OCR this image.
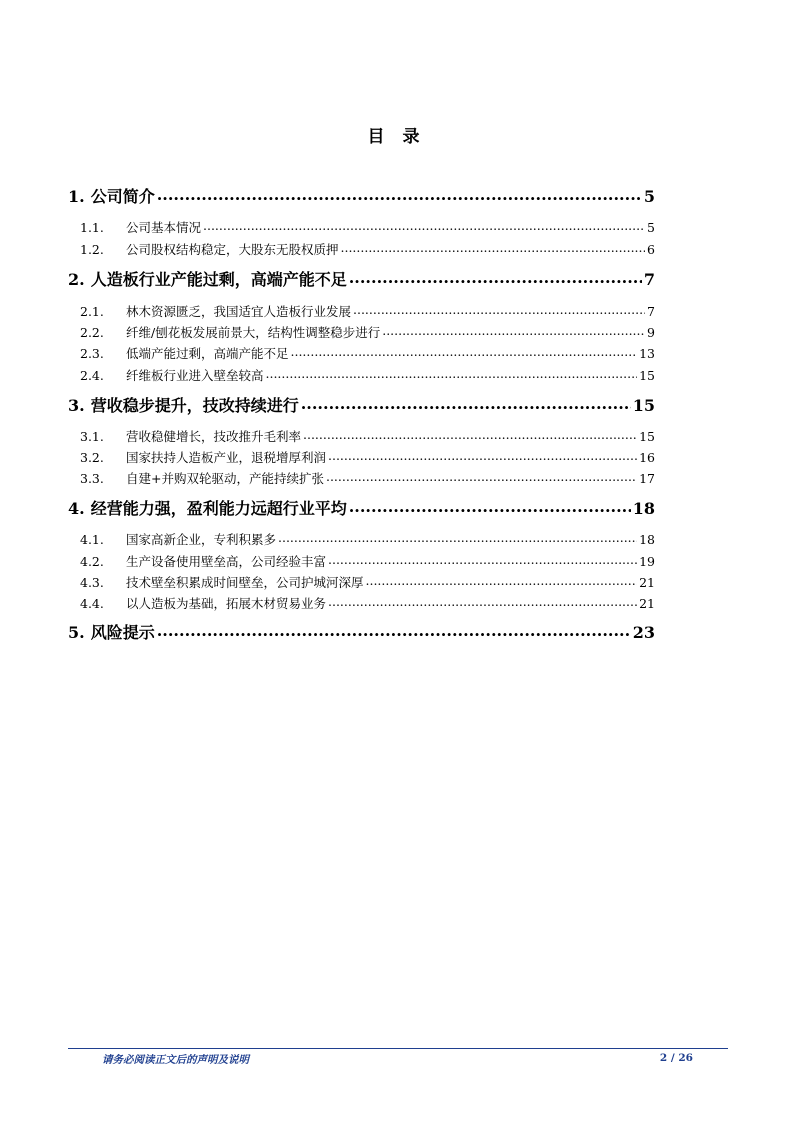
目 录
1. 公司简介 .....	5
1.1.	公司基本情况 .....	5
1.2.	公司股权结构稳定，大股东无股权质押 .....	6
2. 人造板行业产能过剩，高端产能不足 .....	7
2.1.	林木资源匮乏，我国适宜人造板行业发展 .....	7
2.2.	纤维/刨花板发展前景大，结构性调整稳步进行 .....	9
2.3.	低端产能过剩，高端产能不足 .....	13
2.4.	纤维板行业进入壁垒较高 .....	15
3. 营收稳步提升，技改持续进行 .....	15
3.1.	营收稳健增长，技改推升毛利率 .....	15
3.2.	国家扶持人造板产业，退税增厚利润 .....	16
3.3.	自建+并购双轮驱动，产能持续扩张 .....	17
4. 经营能力强，盈利能力远超行业平均 .....	18
4.1.	国家高新企业，专利积累多 .....	18
4.2.	生产设备使用壁垒高，公司经验丰富 .....	19
4.3.	技术壁垒积累成时间壁垒，公司护城河深厚 .....	21
4.4.	以人造板为基础，拓展木材贸易业务 .....	21
5. 风险提示 .....	23
请务必阅读正文后的声明及说明	2 / 26
